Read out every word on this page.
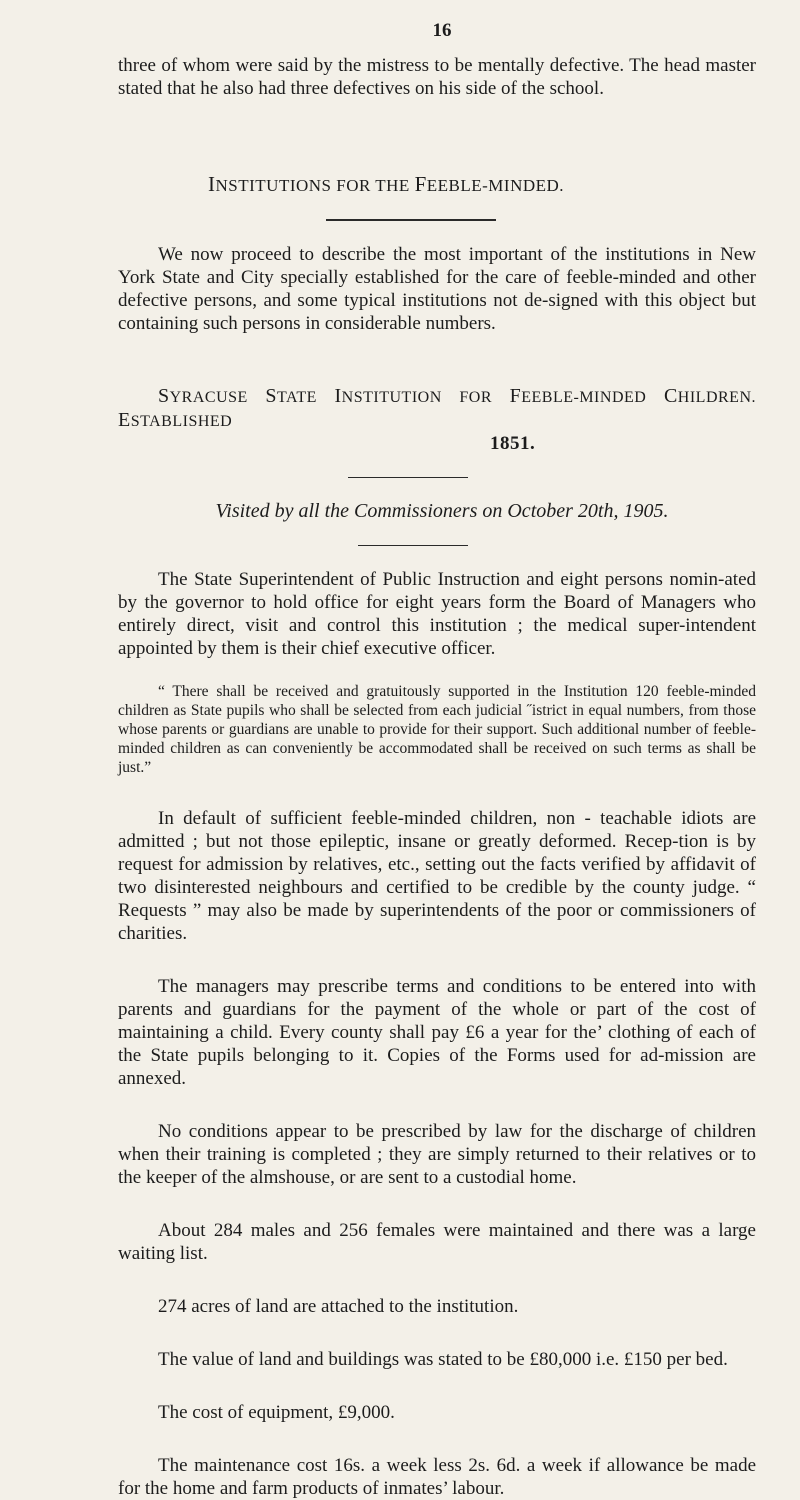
16

three of whom were said by the mistress to be mentally defective. The head master stated that he also had three defectives on his side of the school.

INSTITUTIONS FOR THE FEEBLE-MINDED.

We now proceed to describe the most important of the institutions in New York State and City specially established for the care of feeble-minded and other defective persons, and some typical institutions not de-signed with this object but containing such persons in considerable numbers.

SYRACUSE STATE INSTITUTION FOR FEEBLE-MINDED CHILDREN. ESTABLISHED
1851.

Visited by all the Commissioners on October 20th, 1905.

The State Superintendent of Public Instruction and eight persons nomin-ated by the governor to hold office for eight years form the Board of Managers who entirely direct, visit and control this institution ; the medical super-intendent appointed by them is their chief executive officer.

“ There shall be received and gratuitously supported in the Institution 120 feeble-minded children as State pupils who shall be selected from each judicial ˝istrict in equal numbers, from those whose parents or guardians are unable to provide for their support. Such additional number of feeble-minded children as can conveniently be accommodated shall be received on such terms as shall be just.”

In default of sufficient feeble-minded children, non - teachable idiots are admitted ; but not those epileptic, insane or greatly deformed. Recep-tion is by request for admission by relatives, etc., setting out the facts verified by affidavit of two disinterested neighbours and certified to be credible by the county judge. “ Requests ” may also be made by superintendents of the poor or commissioners of charities.

The managers may prescribe terms and conditions to be entered into with parents and guardians for the payment of the whole or part of the cost of maintaining a child. Every county shall pay £6 a year for the’ clothing of each of the State pupils belonging to it. Copies of the Forms used for ad-mission are annexed.

No conditions appear to be prescribed by law for the discharge of children when their training is completed ; they are simply returned to their relatives or to the keeper of the almshouse, or are sent to a custodial home.

About 284 males and 256 females were maintained and there was a large waiting list.

274 acres of land are attached to the institution.

The value of land and buildings was stated to be £80,000 i.e. £150 per bed.

The cost of equipment, £9,000.

The maintenance cost 16s. a week less 2s. 6d. a week if allowance be made for the home and farm products of inmates’ labour.
